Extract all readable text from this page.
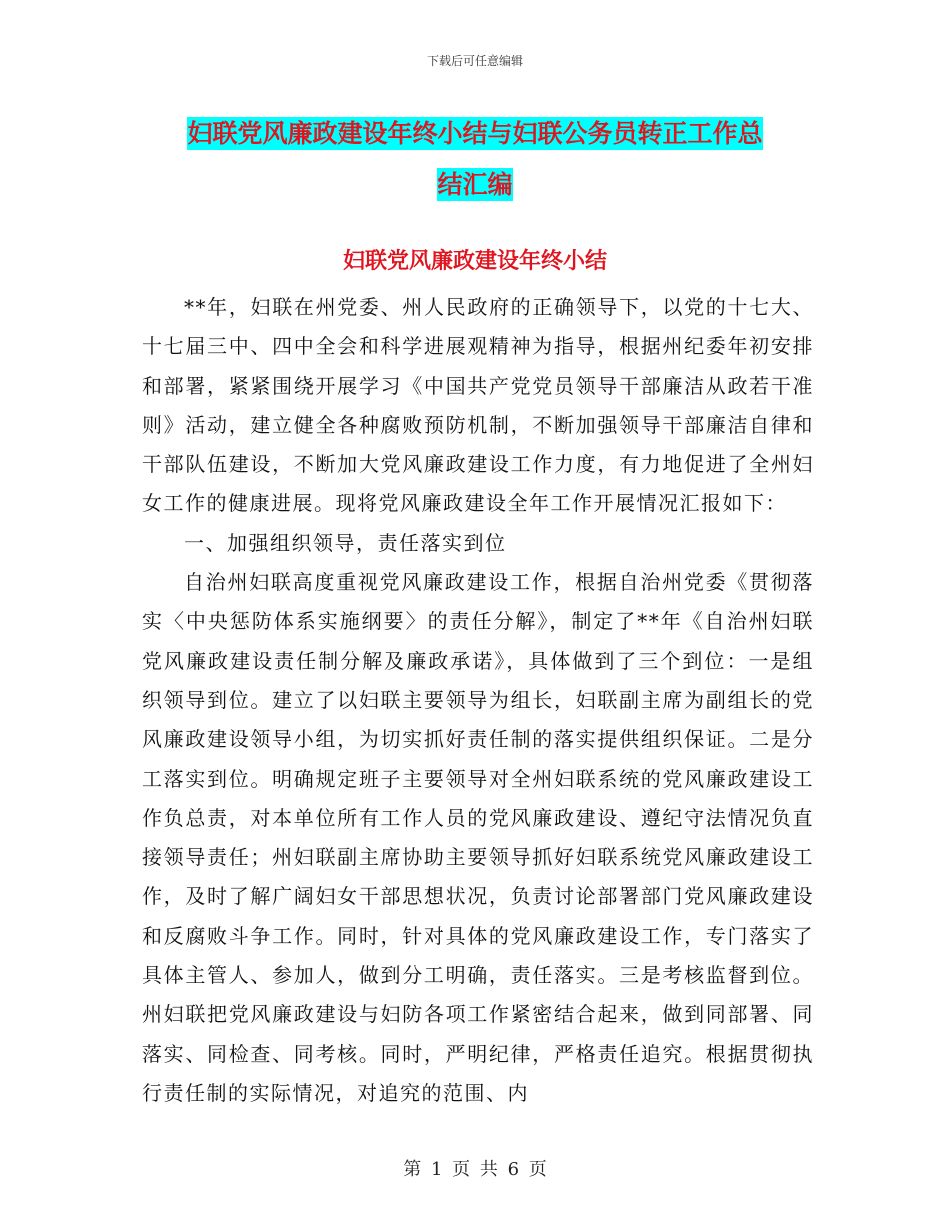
下载后可任意编辑
妇联党风廉政建设年终小结与妇联公务员转正工作总
结汇编
妇联党风廉政建设年终小结

**年，妇联在州党委、州人民政府的正确领导下，以党的十七大、十七届三中、四中全会和科学进展观精神为指导，根据州纪委年初安排和部署，紧紧围绕开展学习《中国共产党党员领导干部廉洁从政若干准则》活动，建立健全各种腐败预防机制，不断加强领导干部廉洁自律和干部队伍建设，不断加大党风廉政建设工作力度，有力地促进了全州妇女工作的健康进展。现将党风廉政建设全年工作开展情况汇报如下：

一、加强组织领导，责任落实到位

自治州妇联高度重视党风廉政建设工作，根据自治州党委《贯彻落实〈中央惩防体系实施纲要〉的责任分解》，制定了**年《自治州妇联党风廉政建设责任制分解及廉政承诺》，具体做到了三个到位：一是组织领导到位。建立了以妇联主要领导为组长，妇联副主席为副组长的党风廉政建设领导小组，为切实抓好责任制的落实提供组织保证。二是分工落实到位。明确规定班子主要领导对全州妇联系统的党风廉政建设工作负总责，对本单位所有工作人员的党风廉政建设、遵纪守法情况负直接领导责任；州妇联副主席协助主要领导抓好妇联系统党风廉政建设工作，及时了解广阔妇女干部思想状况，负责讨论部署部门党风廉政建设和反腐败斗争工作。同时，针对具体的党风廉政建设工作，专门落实了具体主管人、参加人，做到分工明确，责任落实。三是考核监督到位。州妇联把党风廉政建设与妇防各项工作紧密结合起来，做到同部署、同落实、同检查、同考核。同时，严明纪律，严格责任追究。根据贯彻执行责任制的实际情况，对追究的范围、内

第 1 页 共 6 页
